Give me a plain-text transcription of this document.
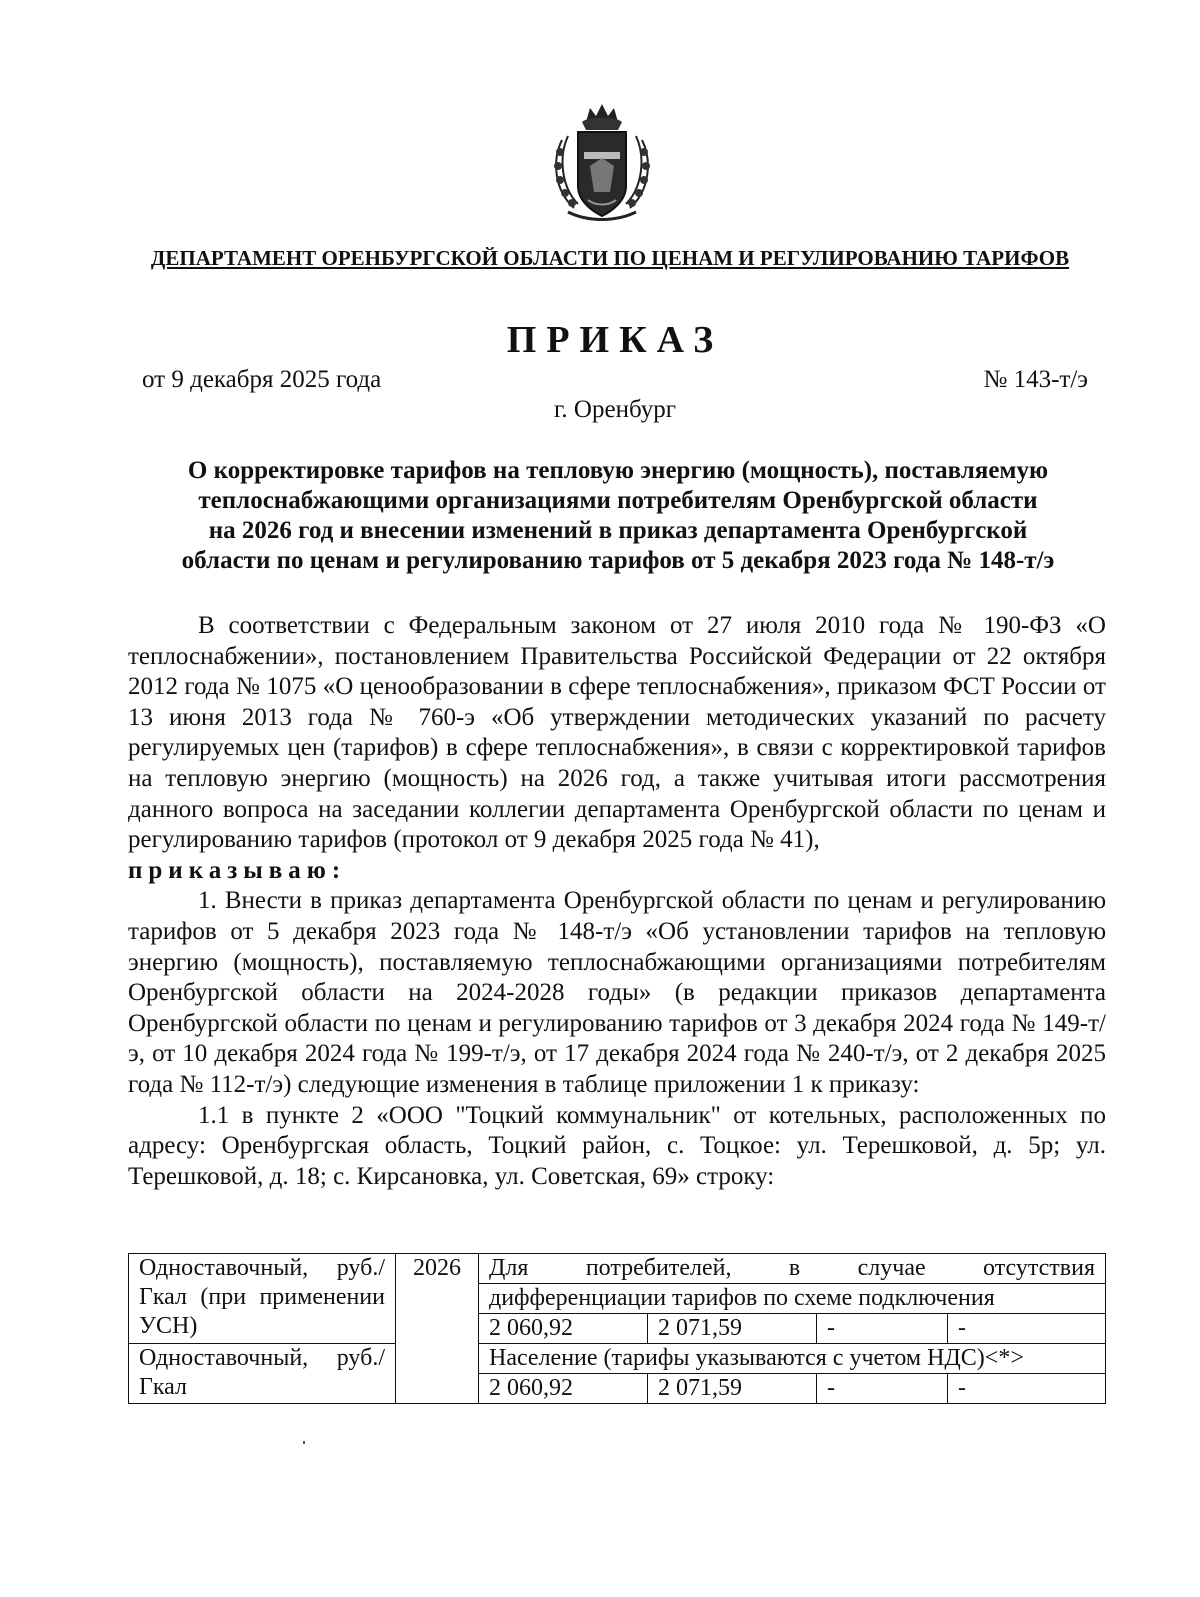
ДЕПАРТАМЕНТ ОРЕНБУРГСКОЙ ОБЛАСТИ ПО ЦЕНАМ И РЕГУЛИРОВАНИЮ ТАРИФОВ
ПРИКАЗ
от 9 декабря 2025 года	№ 143-т/э
г. Оренбург
О корректировке тарифов на тепловую энергию (мощность), поставляемую
теплоснабжающими организациями потребителям Оренбургской области
на 2026 год и внесении изменений в приказ департамента Оренбургской
области по ценам и регулированию тарифов от 5 декабря 2023 года № 148-т/э

В соответствии с Федеральным законом от 27 июля 2010 года № 190-ФЗ «О теплоснабжении», постановлением Правительства Российской Федерации от 22 октября 2012 года № 1075 «О ценообразовании в сфере теплоснабжения», приказом ФСТ России от 13 июня 2013 года № 760-э «Об утверждении методических указаний по расчету регулируемых цен (тарифов) в сфере теплоснабжения», в связи с корректировкой тарифов на тепловую энергию (мощность) на 2026 год, а также учитывая итоги рассмотрения данного вопроса на заседании коллегии департамента Оренбургской области по ценам и регулированию тарифов (протокол от 9 декабря 2025 года № 41),

приказываю:

1. Внести в приказ департамента Оренбургской области по ценам и регулированию тарифов от 5 декабря 2023 года № 148-т/э «Об установлении тарифов на тепловую энергию (мощность), поставляемую теплоснабжающими организациями потребителям Оренбургской области на 2024-2028 годы» (в редакции приказов департамента Оренбургской области по ценам и регулированию тарифов от 3 декабря 2024 года № 149-т/э, от 10 декабря 2024 года № 199-т/э, от 17 декабря 2024 года № 240-т/э, от 2 декабря 2025 года № 112-т/э) следующие изменения в таблице приложении 1 к приказу:

1.1 в пункте 2 «ООО "Тоцкий коммунальник" от котельных, расположенных по адресу: Оренбургская область, Тоцкий район, с. Тоцкое: ул. Терешковой, д. 5р; ул. Терешковой, д. 18; с. Кирсановка, ул. Советская, 69» строку:

Одноставочный, руб./Гкал (при применении УСН)	2026	Для потребителей, в случае отсутствия			
		дифференциации тарифов по схеме подключения			
		2 060,92	2 071,59	-	-
Одноставочный, руб./Гкал		Население (тарифы указываются с учетом НДС)<*>			
		2 060,92	2 071,59	-	-
